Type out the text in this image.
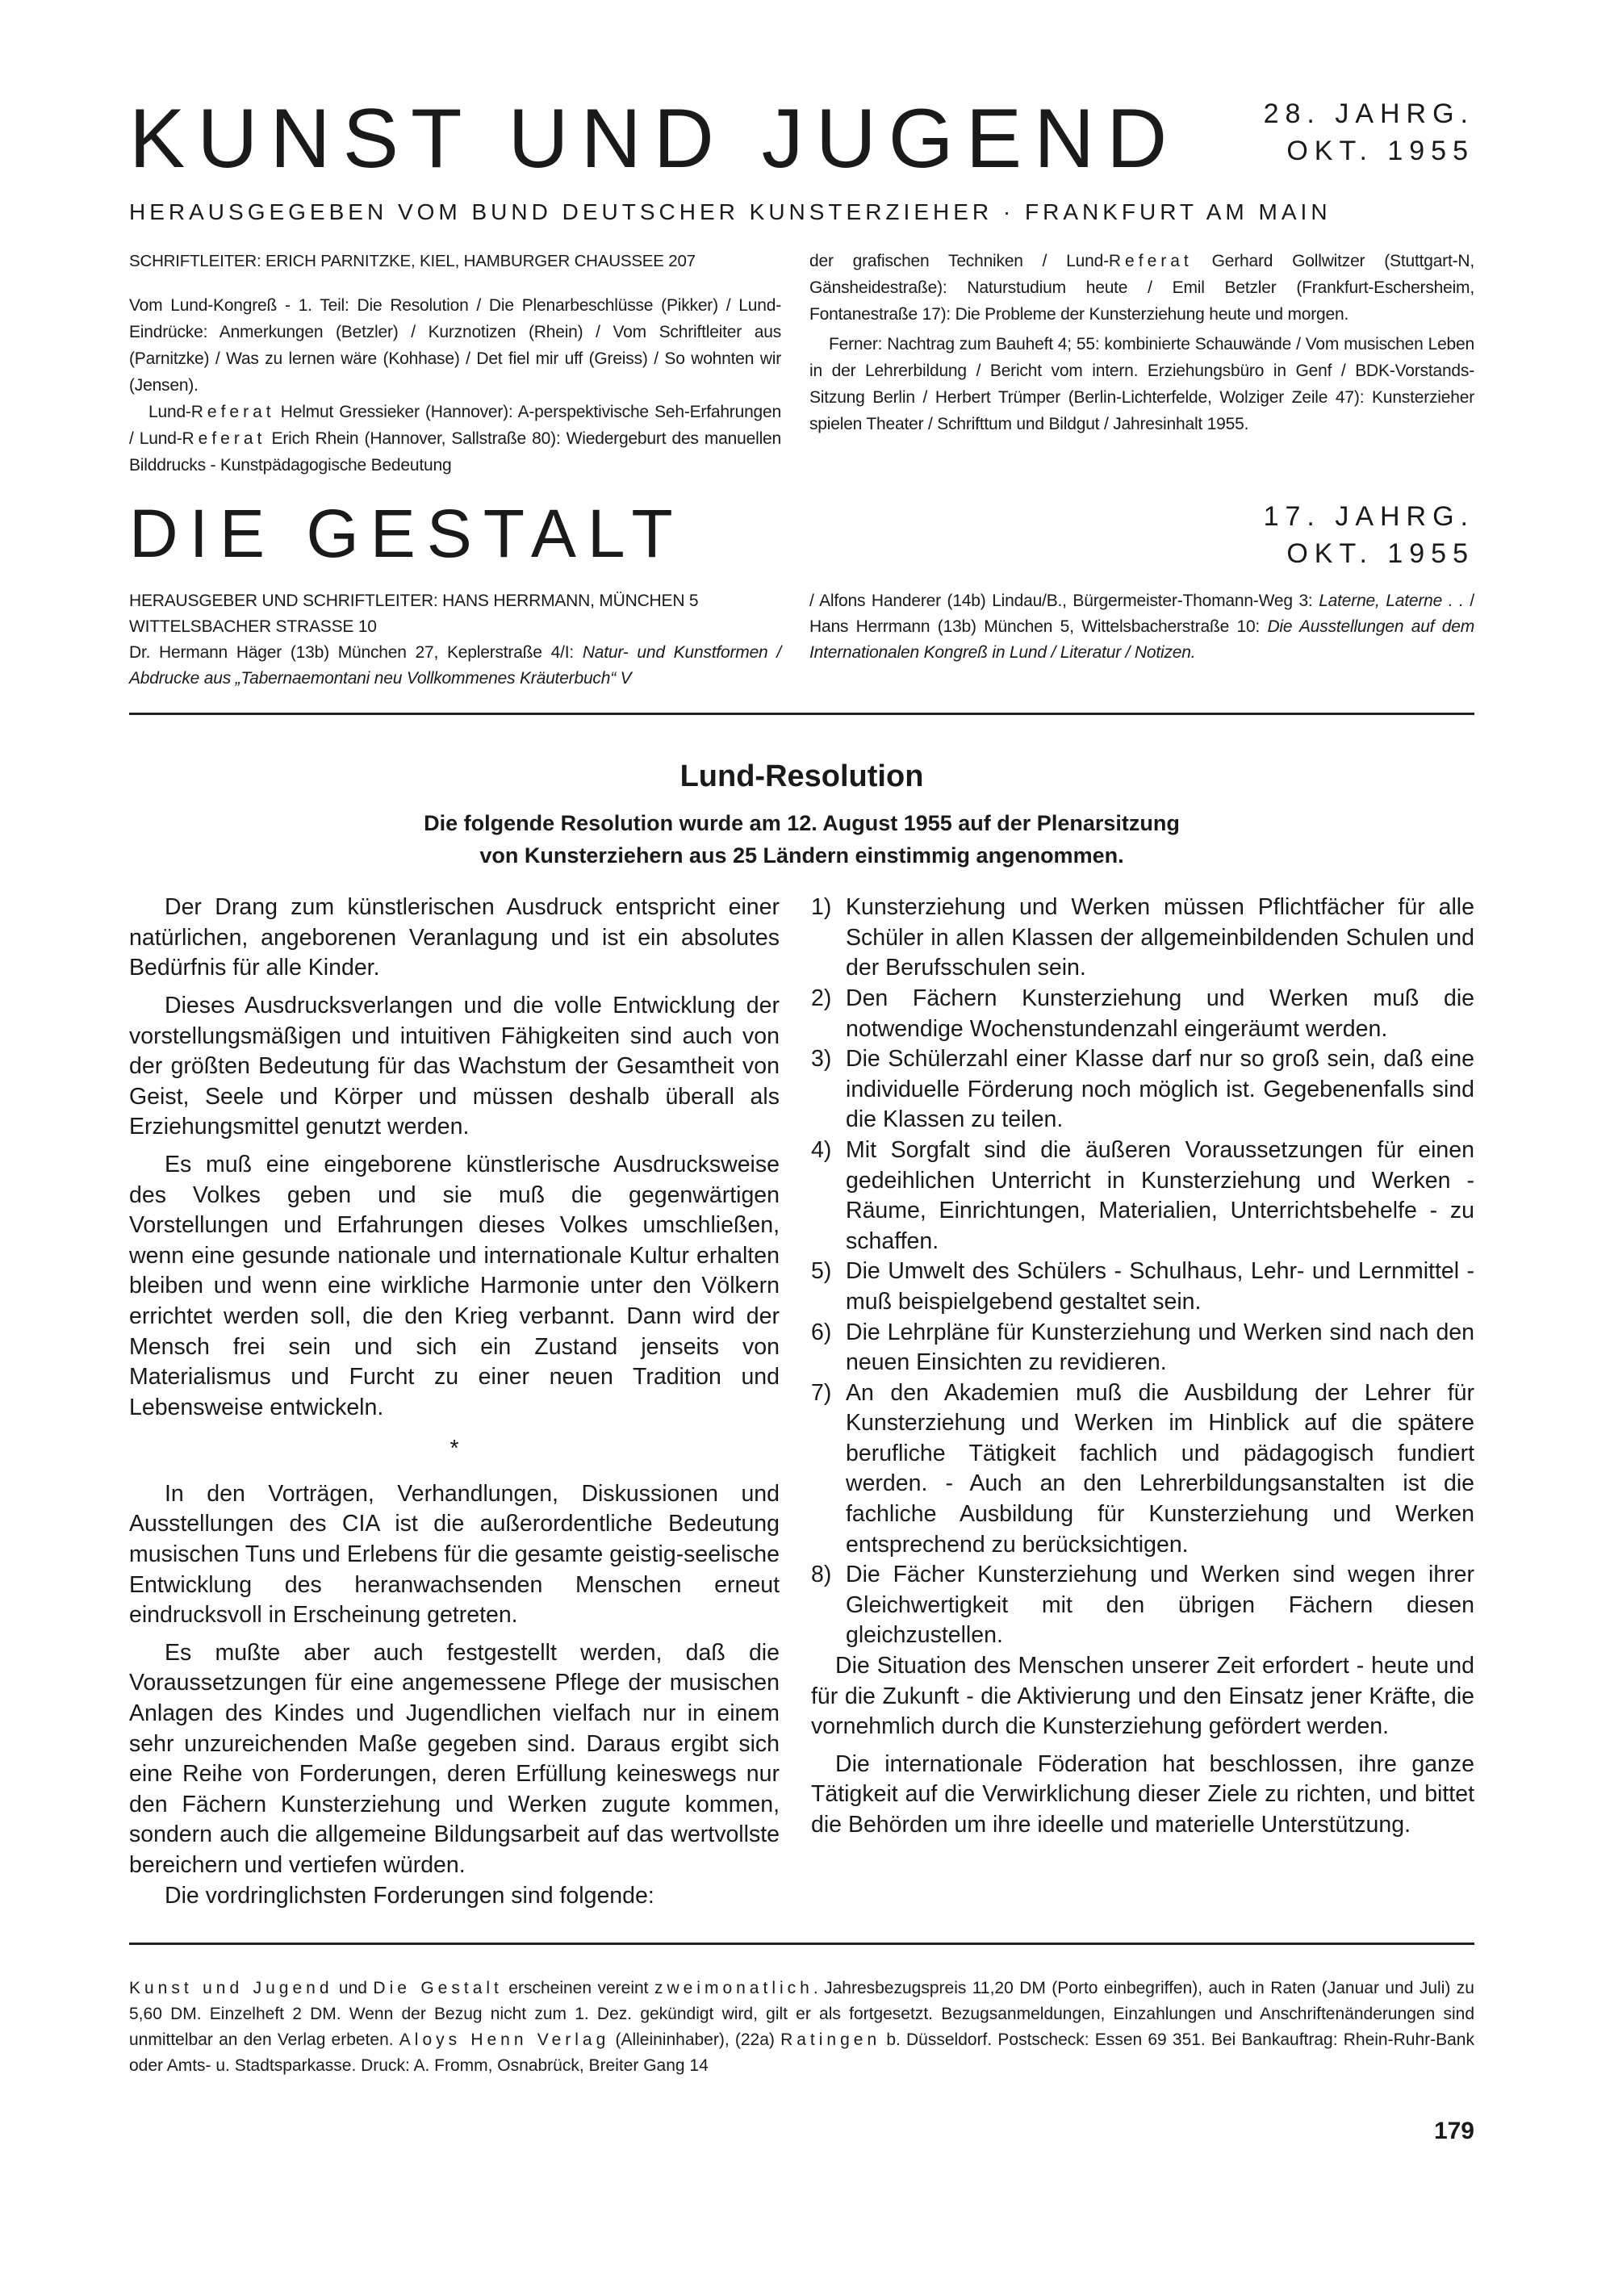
KUNST UND JUGEND	28. JAHRG.
OKT. 1955
HERAUSGEGEBEN VOM BUND DEUTSCHER KUNSTERZIEHER · FRANKFURT AM MAIN

SCHRIFTLEITER: ERICH PARNITZKE, KIEL, HAMBURGER CHAUSSEE 207

Vom Lund-Kongreß - 1. Teil: Die Resolution / Die Plenarbeschlüsse (Pikker) / Lund-Eindrücke: Anmerkungen (Betzler) / Kurznotizen (Rhein) / Vom Schriftleiter aus (Parnitzke) / Was zu lernen wäre (Kohhase) / Det fiel mir uff (Greiss) / So wohnten wir (Jensen).

Lund-Referat Helmut Gressieker (Hannover): A-perspektivische Seh-Erfahrungen / Lund-Referat Erich Rhein (Hannover, Sallstraße 80): Wiedergeburt des manuellen Bilddrucks - Kunstpädagogische Bedeutung

der grafischen Techniken / Lund-Referat Gerhard Gollwitzer (Stuttgart-N, Gänsheidestraße): Naturstudium heute / Emil Betzler (Frankfurt-Eschersheim, Fontanestraße 17): Die Probleme der Kunsterziehung heute und morgen.

Ferner: Nachtrag zum Bauheft 4; 55: kombinierte Schauwände / Vom musischen Leben in der Lehrerbildung / Bericht vom intern. Erziehungsbüro in Genf / BDK-Vorstands-Sitzung Berlin / Herbert Trümper (Berlin-Lichterfelde, Wolziger Zeile 47): Kunsterzieher spielen Theater / Schrifttum und Bildgut / Jahresinhalt 1955.

DIE GESTALT	17. JAHRG.
OKT. 1955

HERAUSGEBER UND SCHRIFTLEITER: HANS HERRMANN, MÜNCHEN 5

WITTELSBACHER STRASSE 10

Dr. Hermann Häger (13b) München 27, Keplerstraße 4/I: Natur- und Kunstformen / Abdrucke aus „Tabernaemontani neu Vollkommenes Kräuterbuch“ V

/ Alfons Handerer (14b) Lindau/B., Bürgermeister-Thomann-Weg 3: Laterne, Laterne . . / Hans Herrmann (13b) München 5, Wittelsbacherstraße 10: Die Ausstellungen auf dem Internationalen Kongreß in Lund / Literatur / Notizen.

Lund-Resolution
Die folgende Resolution wurde am 12. August 1955 auf der Plenarsitzung
von Kunsterziehern aus 25 Ländern einstimmig angenommen.

Der Drang zum künstlerischen Ausdruck entspricht einer natürlichen, angeborenen Veranlagung und ist ein absolutes Bedürfnis für alle Kinder.

Dieses Ausdrucksverlangen und die volle Entwicklung der vorstellungsmäßigen und intuitiven Fähigkeiten sind auch von der größten Bedeutung für das Wachstum der Gesamtheit von Geist, Seele und Körper und müssen deshalb überall als Erziehungsmittel genutzt werden.

Es muß eine eingeborene künstlerische Ausdrucksweise des Volkes geben und sie muß die gegenwärtigen Vorstellungen und Erfahrungen dieses Volkes umschließen, wenn eine gesunde nationale und internationale Kultur erhalten bleiben und wenn eine wirkliche Harmonie unter den Völkern errichtet werden soll, die den Krieg verbannt. Dann wird der Mensch frei sein und sich ein Zustand jenseits von Materialismus und Furcht zu einer neuen Tradition und Lebensweise entwickeln.

*

In den Vorträgen, Verhandlungen, Diskussionen und Ausstellungen des CIA ist die außerordentliche Bedeutung musischen Tuns und Erlebens für die gesamte geistig-seelische Entwicklung des heranwachsenden Menschen erneut eindrucksvoll in Erscheinung getreten.

Es mußte aber auch festgestellt werden, daß die Voraussetzungen für eine angemessene Pflege der musischen Anlagen des Kindes und Jugendlichen vielfach nur in einem sehr unzureichenden Maße gegeben sind. Daraus ergibt sich eine Reihe von Forderungen, deren Erfüllung keineswegs nur den Fächern Kunsterziehung und Werken zugute kommen, sondern auch die allgemeine Bildungsarbeit auf das wertvollste bereichern und vertiefen würden.

Die vordringlichsten Forderungen sind folgende:

1) Kunsterziehung und Werken müssen Pflichtfächer für alle Schüler in allen Klassen der allgemeinbildenden Schulen und der Berufsschulen sein.
2) Den Fächern Kunsterziehung und Werken muß die notwendige Wochenstundenzahl eingeräumt werden.
3) Die Schülerzahl einer Klasse darf nur so groß sein, daß eine individuelle Förderung noch möglich ist. Gegebenenfalls sind die Klassen zu teilen.
4) Mit Sorgfalt sind die äußeren Voraussetzungen für einen gedeihlichen Unterricht in Kunsterziehung und Werken - Räume, Einrichtungen, Materialien, Unterrichtsbehelfe - zu schaffen.
5) Die Umwelt des Schülers - Schulhaus, Lehr- und Lernmittel - muß beispielgebend gestaltet sein.
6) Die Lehrpläne für Kunsterziehung und Werken sind nach den neuen Einsichten zu revidieren.
7) An den Akademien muß die Ausbildung der Lehrer für Kunsterziehung und Werken im Hinblick auf die spätere berufliche Tätigkeit fachlich und pädagogisch fundiert werden. - Auch an den Lehrerbildungsanstalten ist die fachliche Ausbildung für Kunsterziehung und Werken entsprechend zu berücksichtigen.
8) Die Fächer Kunsterziehung und Werken sind wegen ihrer Gleichwertigkeit mit den übrigen Fächern diesen gleichzustellen.

Die Situation des Menschen unserer Zeit erfordert - heute und für die Zukunft - die Aktivierung und den Einsatz jener Kräfte, die vornehmlich durch die Kunsterziehung gefördert werden.

Die internationale Föderation hat beschlossen, ihre ganze Tätigkeit auf die Verwirklichung dieser Ziele zu richten, und bittet die Behörden um ihre ideelle und materielle Unterstützung.

Kunst und Jugend und Die Gestalt erscheinen vereint zweimonatlich. Jahresbezugspreis 11,20 DM (Porto einbegriffen), auch in Raten (Januar und Juli) zu 5,60 DM. Einzelheft 2 DM. Wenn der Bezug nicht zum 1. Dez. gekündigt wird, gilt er als fortgesetzt. Bezugsanmeldungen, Einzahlungen und Anschriftenänderungen sind unmittelbar an den Verlag erbeten. Aloys Henn Verlag (Alleininhaber), (22a) Ratingen b. Düsseldorf. Postscheck: Essen 69 351. Bei Bankauftrag: Rhein-Ruhr-Bank oder Amts- u. Stadtsparkasse. Druck: A. Fromm, Osnabrück, Breiter Gang 14
179
